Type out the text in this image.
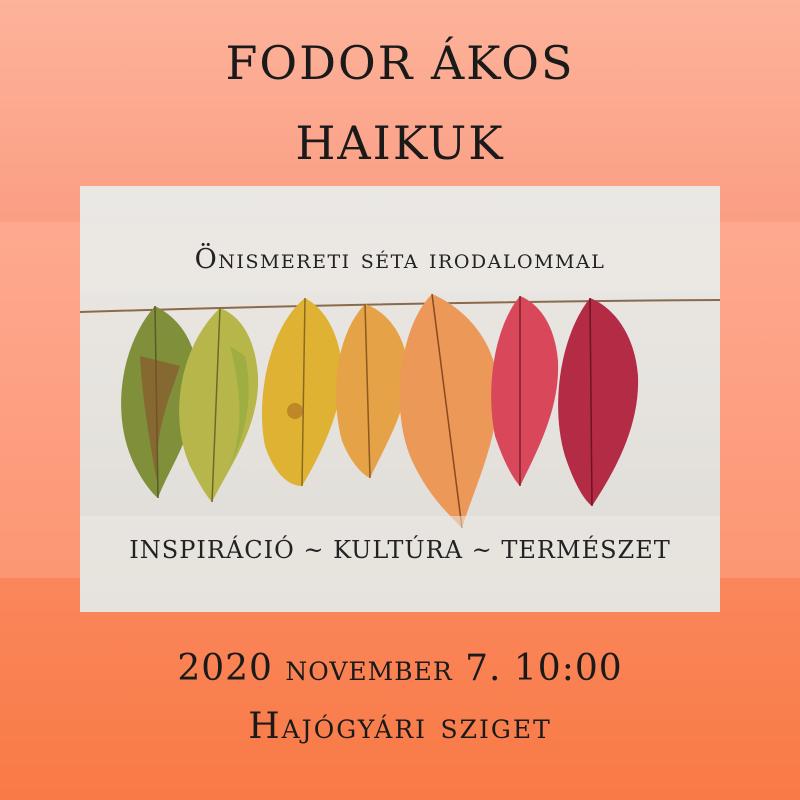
FODOR ÁKOS
HAIKUK
Önismereti séta irodalommal
INSPIRÁCIÓ ~ KULTÚRA ~ TERMÉSZET
2020 november 7. 10:00
Hajógyári sziget
